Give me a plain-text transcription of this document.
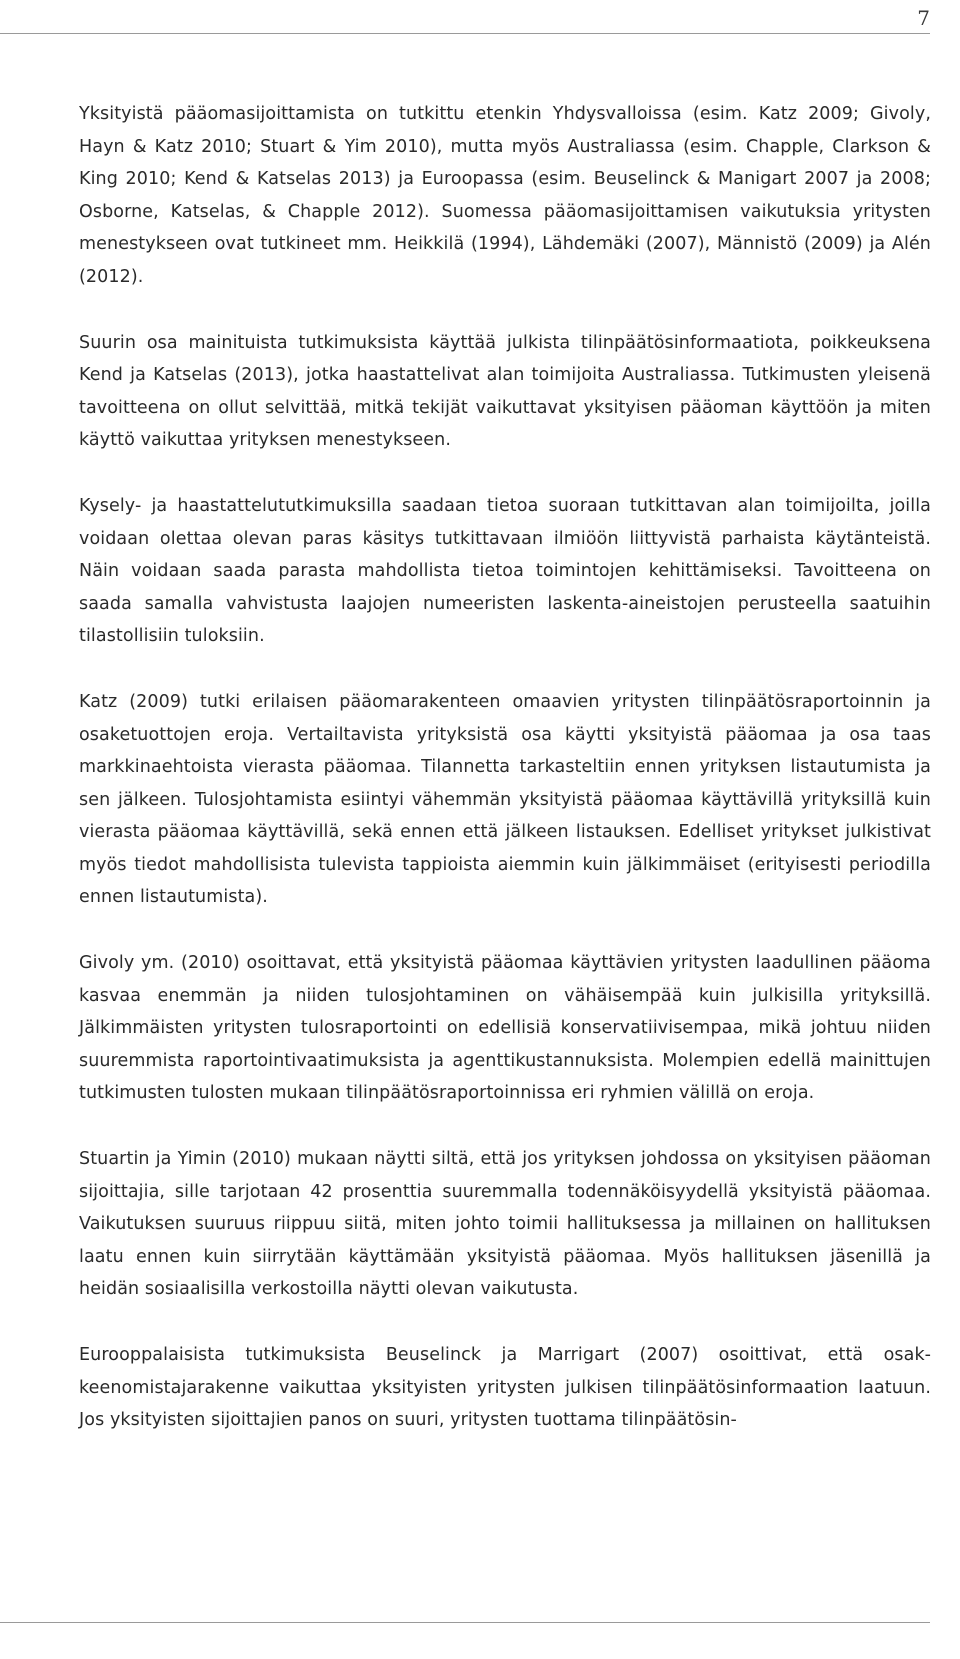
7

Yksityistä pääomasijoittamista on tutkittu etenkin Yhdysvalloissa (esim. Katz 2009; Givoly, Hayn & Katz 2010; Stuart & Yim 2010), mutta myös Australiassa (esim. Chapple, Clarkson & King 2010; Kend & Katselas 2013) ja Euroopassa (esim. Beuselinck & Manigart 2007 ja 2008; Osborne, Katselas, & Chapple 2012). Suomessa pääomasijoittamisen vaikutuksia yritysten menestykseen ovat tutkineet mm. Heikkilä (1994), Lähdemäki (2007), Männistö (2009) ja Alén (2012).

Suurin osa mainituista tutkimuksista käyttää julkista tilinpäätösinformaatiota, poikkeuksena Kend ja Katselas (2013), jotka haastattelivat alan toimijoita Australiassa. Tutkimusten yleisenä tavoitteena on ollut selvittää, mitkä tekijät vaikuttavat yksityisen pääoman käyttöön ja miten käyttö vaikuttaa yrityksen menestykseen.

Kysely- ja haastattelututkimuksilla saadaan tietoa suoraan tutkittavan alan toimijoilta, joilla voidaan olettaa olevan paras käsitys tutkittavaan ilmiöön liittyvistä parhaista käytänteistä. Näin voidaan saada parasta mahdollista tietoa toimintojen kehittämiseksi. Tavoitteena on saada samalla vahvistusta laajojen numeeristen laskenta-aineistojen perusteella saatuihin tilastollisiin tuloksiin.

Katz (2009) tutki erilaisen pääomarakenteen omaavien yritysten tilinpäätösraportoinnin ja osaketuottojen eroja. Vertailtavista yrityksistä osa käytti yksityistä pääomaa ja osa taas markkinaehtoista vierasta pääomaa. Tilannetta tarkasteltiin ennen yrityksen listautumista ja sen jälkeen. Tulosjohtamista esiintyi vähemmän yksityistä pääomaa käyttävillä yrityksillä kuin vierasta pääomaa käyttävillä, sekä ennen että jälkeen listauksen. Edelliset yritykset julkistivat myös tiedot mahdollisista tulevista tappioista aiemmin kuin jälkimmäiset (erityisesti periodilla ennen listautumista).

Givoly ym. (2010) osoittavat, että yksityistä pääomaa käyttävien yritysten laadullinen pääoma kasvaa enemmän ja niiden tulosjohtaminen on vähäisempää kuin julkisilla yrityksillä. Jälkimmäisten yritysten tulosraportointi on edellisiä konservatiivisempaa, mikä johtuu niiden suuremmista raportointivaatimuksista ja agenttikustannuksista. Molempien edellä mainittujen tutkimusten tulosten mukaan tilinpäätösraportoinnissa eri ryhmien välillä on eroja.

Stuartin ja Yimin (2010) mukaan näytti siltä, että jos yrityksen johdossa on yksityisen pääoman sijoittajia, sille tarjotaan 42 prosenttia suuremmalla todennäköisyydellä yksityistä pääomaa. Vaikutuksen suuruus riippuu siitä, miten johto toimii hallituksessa ja millainen on hallituksen laatu ennen kuin siirrytään käyttämään yksityistä pääomaa. Myös hallituksen jäsenillä ja heidän sosiaalisilla verkostoilla näytti olevan vaikutusta.

Eurooppalaisista tutkimuksista Beuselinck ja Marrigart (2007) osoittivat, että osakkeenomistajarakenne vaikuttaa yksityisten yritysten julkisen tilinpäätösinformaation laatuun. Jos yksityisten sijoittajien panos on suuri, yritysten tuottama tilinpäätösin-
